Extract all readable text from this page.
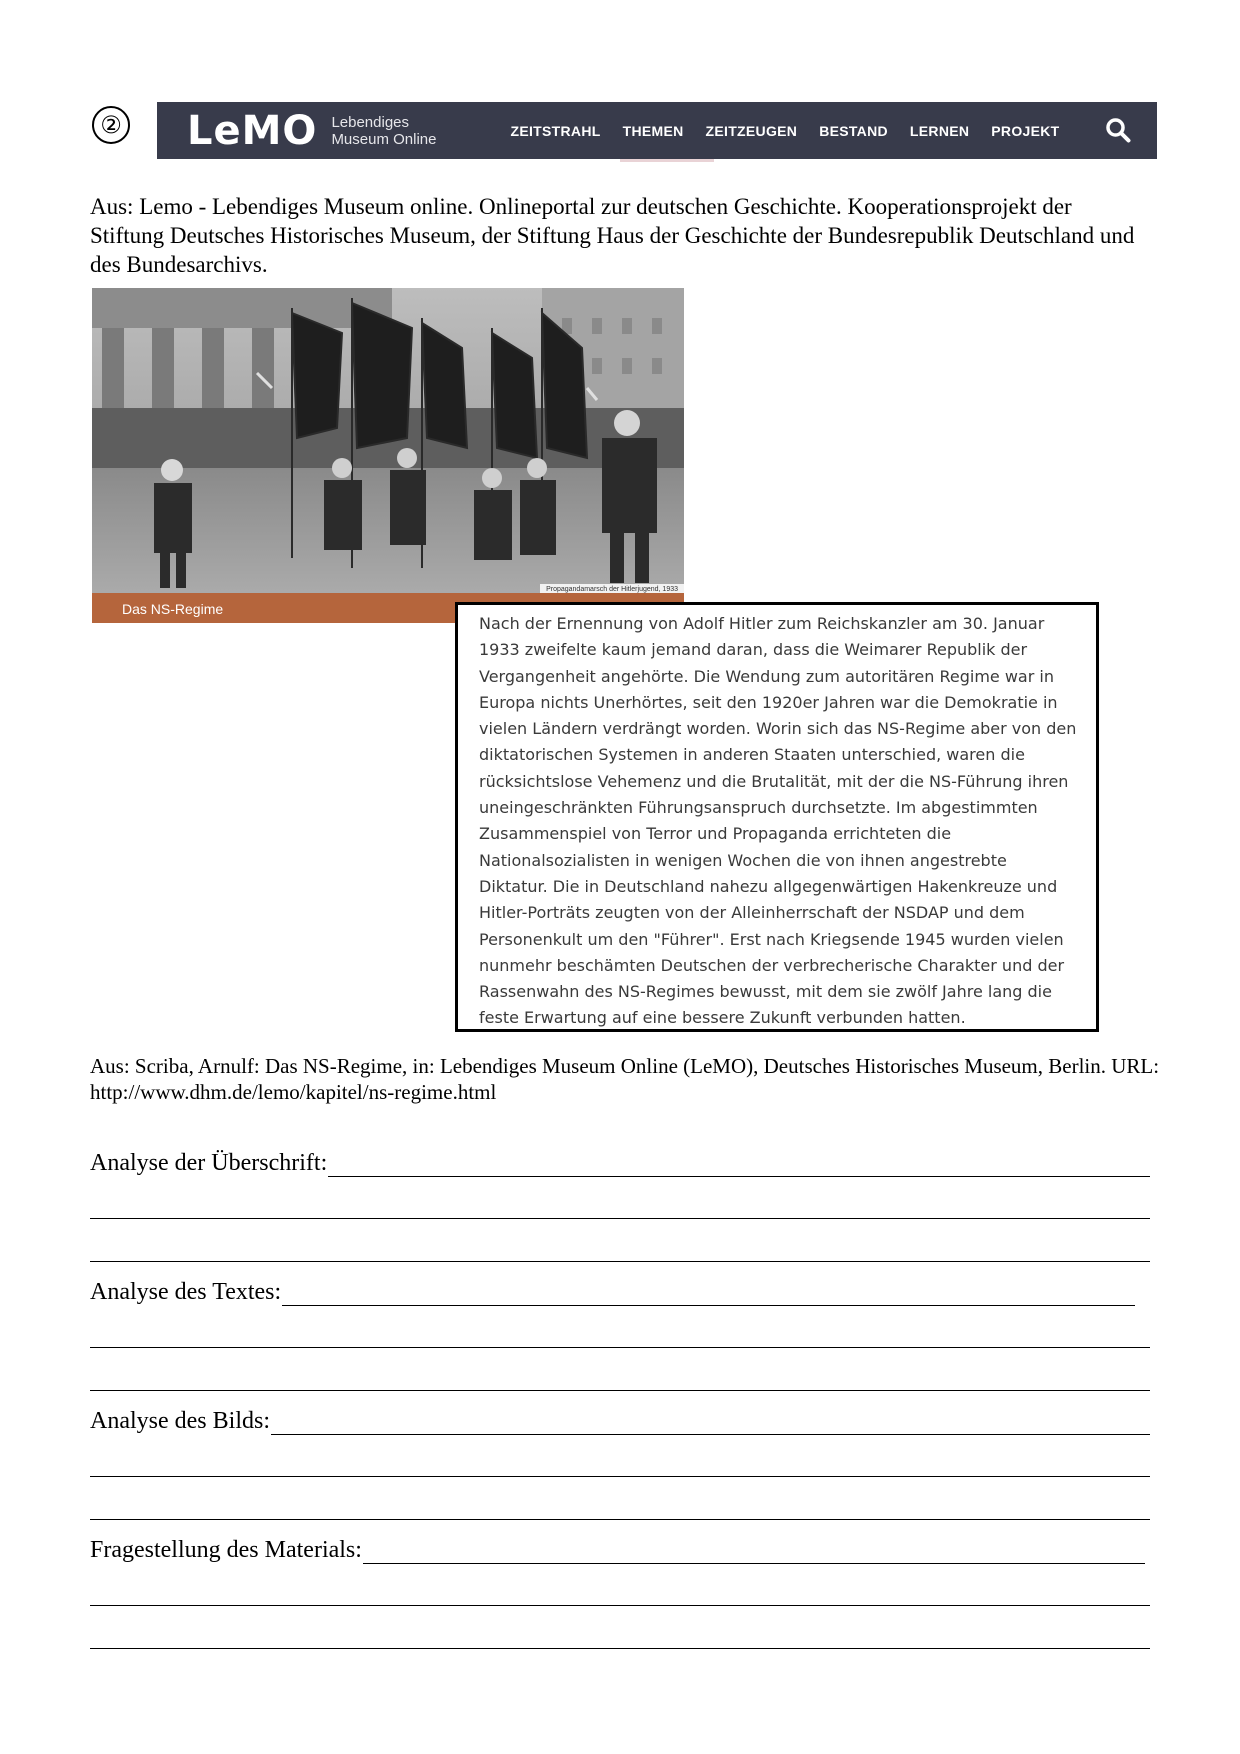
② LeMO Lebendiges
Museum Online	ZEITSTRAHL THEMEN ZEITZEUGEN BESTAND LERNEN PROJEKT
Aus: Lemo - Lebendiges Museum online. Onlineportal zur deutschen Geschichte. Kooperationsprojekt der Stiftung Deutsches Historisches Museum, der Stiftung Haus der Geschichte der Bundesrepublik Deutschland und des Bundesarchivs.
Propagandamarsch der Hitlerjugend, 1933
Das NS-Regime

Nach der Ernennung von Adolf Hitler zum Reichskanzler am 30. Januar 1933 zweifelte kaum jemand daran, dass die Weimarer Republik der Vergangenheit angehörte. Die Wendung zum autoritären Regime war in Europa nichts Unerhörtes, seit den 1920er Jahren war die Demokratie in vielen Ländern verdrängt worden. Worin sich das NS-Regime aber von den diktatorischen Systemen in anderen Staaten unterschied, waren die rücksichtslose Vehemenz und die Brutalität, mit der die NS-Führung ihren uneingeschränkten Führungsanspruch durchsetzte. Im abgestimmten Zusammenspiel von Terror und Propaganda errichteten die Nationalsozialisten in wenigen Wochen die von ihnen angestrebte Diktatur. Die in Deutschland nahezu allgegenwärtigen Hakenkreuze und Hitler-Porträts zeugten von der Alleinherrschaft der NSDAP und dem Personenkult um den "Führer". Erst nach Kriegsende 1945 wurden vielen nunmehr beschämten Deutschen der verbrecherische Charakter und der Rassenwahn des NS-Regimes bewusst, mit dem sie zwölf Jahre lang die feste Erwartung auf eine bessere Zukunft verbunden hatten.

Aus: Scriba, Arnulf: Das NS-Regime, in: Lebendiges Museum Online (LeMO), Deutsches Historisches Museum, Berlin. URL: http://www.dhm.de/lemo/kapitel/ns-regime.html
Analyse der Überschrift:
Analyse des Textes:
Analyse des Bilds:
Fragestellung des Materials:
